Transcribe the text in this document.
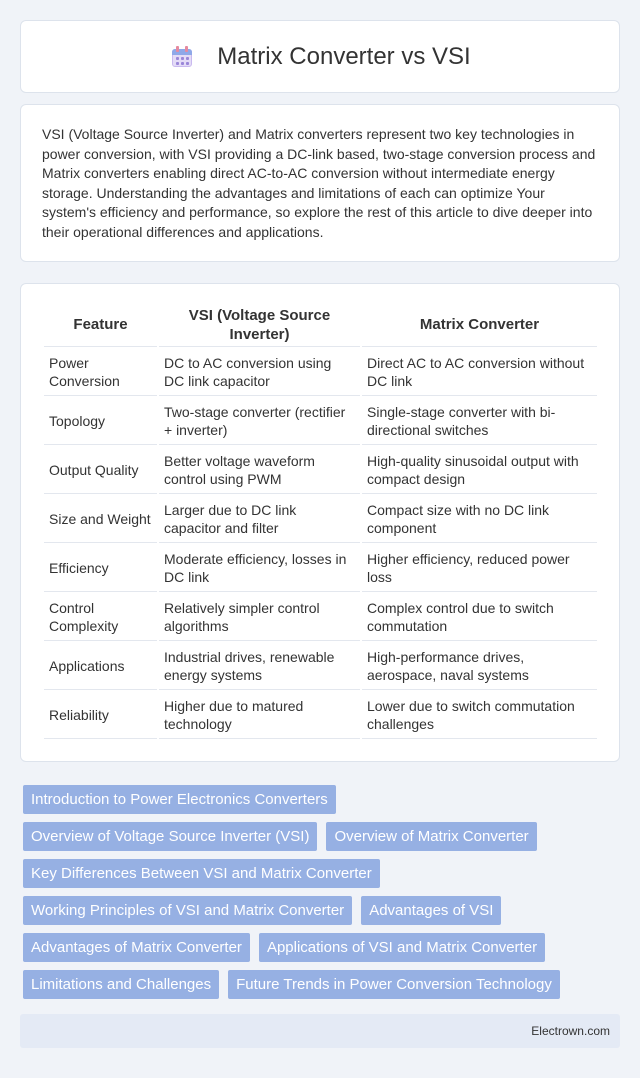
Matrix Converter vs VSI

VSI (Voltage Source Inverter) and Matrix converters represent two key technologies in power conversion, with VSI providing a DC-link based, two-stage conversion process and Matrix converters enabling direct AC-to-AC conversion without intermediate energy storage. Understanding the advantages and limitations of each can optimize Your system's efficiency and performance, so explore the rest of this article to dive deeper into their operational differences and applications.

Feature	VSI (Voltage Source Inverter)	Matrix Converter
Power Conversion	DC to AC conversion using DC link capacitor	Direct AC to AC conversion without DC link
Topology	Two-stage converter (rectifier + inverter)	Single-stage converter with bi-directional switches
Output Quality	Better voltage waveform control using PWM	High-quality sinusoidal output with compact design
Size and Weight	Larger due to DC link capacitor and filter	Compact size with no DC link component
Efficiency	Moderate efficiency, losses in DC link	Higher efficiency, reduced power loss
Control Complexity	Relatively simpler control algorithms	Complex control due to switch commutation
Applications	Industrial drives, renewable energy systems	High-performance drives, aerospace, naval systems
Reliability	Higher due to matured technology	Lower due to switch commutation challenges
Introduction to Power Electronics Converters
Overview of Voltage Source Inverter (VSI)	Overview of Matrix Converter
Key Differences Between VSI and Matrix Converter
Working Principles of VSI and Matrix Converter	Advantages of VSI
Advantages of Matrix Converter	Applications of VSI and Matrix Converter
Limitations and Challenges	Future Trends in Power Conversion Technology
Electrown.com
